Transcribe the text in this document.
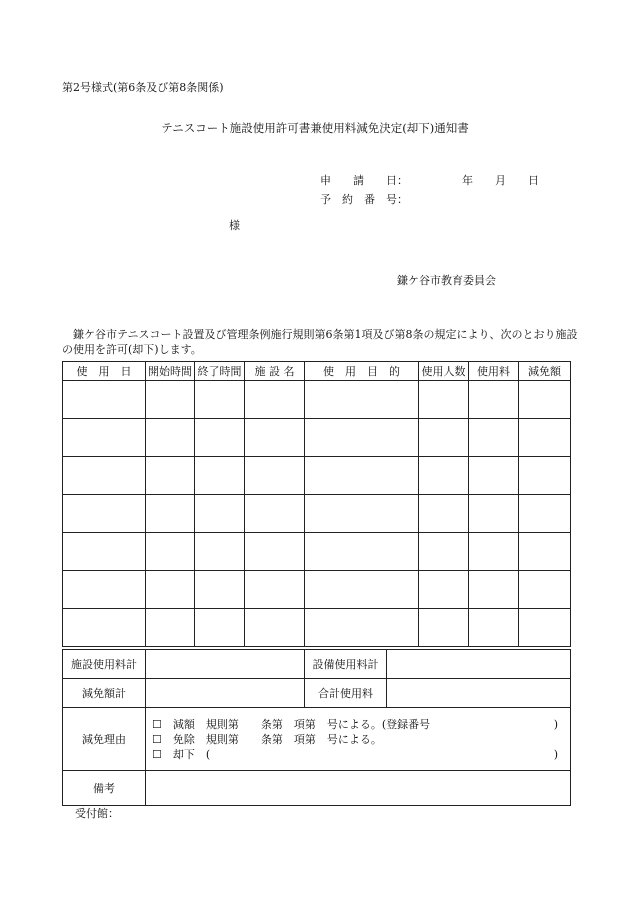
第2号様式(第6条及び第8条関係)
テニスコート施設使用許可書兼使用料減免決定(却下)通知書
申　　請　　日：	年　　月　　日
予　約　番　号：
様
鎌ケ谷市教育委員会
鎌ケ谷市テニスコート設置及び管理条例施行規則第6条第1項及び第8条の規定により、次のとおり施設の使用を許可(却下)します。
使　用　日	開始時間	終了時間	施 設 名	使　用　目　的	使用人数	使用料	減免額

施設使用料計		設備使用料計	
減免額計		合計使用料	
減免理由	☐　減額　規則第　　条第　項第　号による。(登録番号 )
☐　免除　規則第　　条第　項第　号による。
☐　却下　( )		

備考			
受付館：
